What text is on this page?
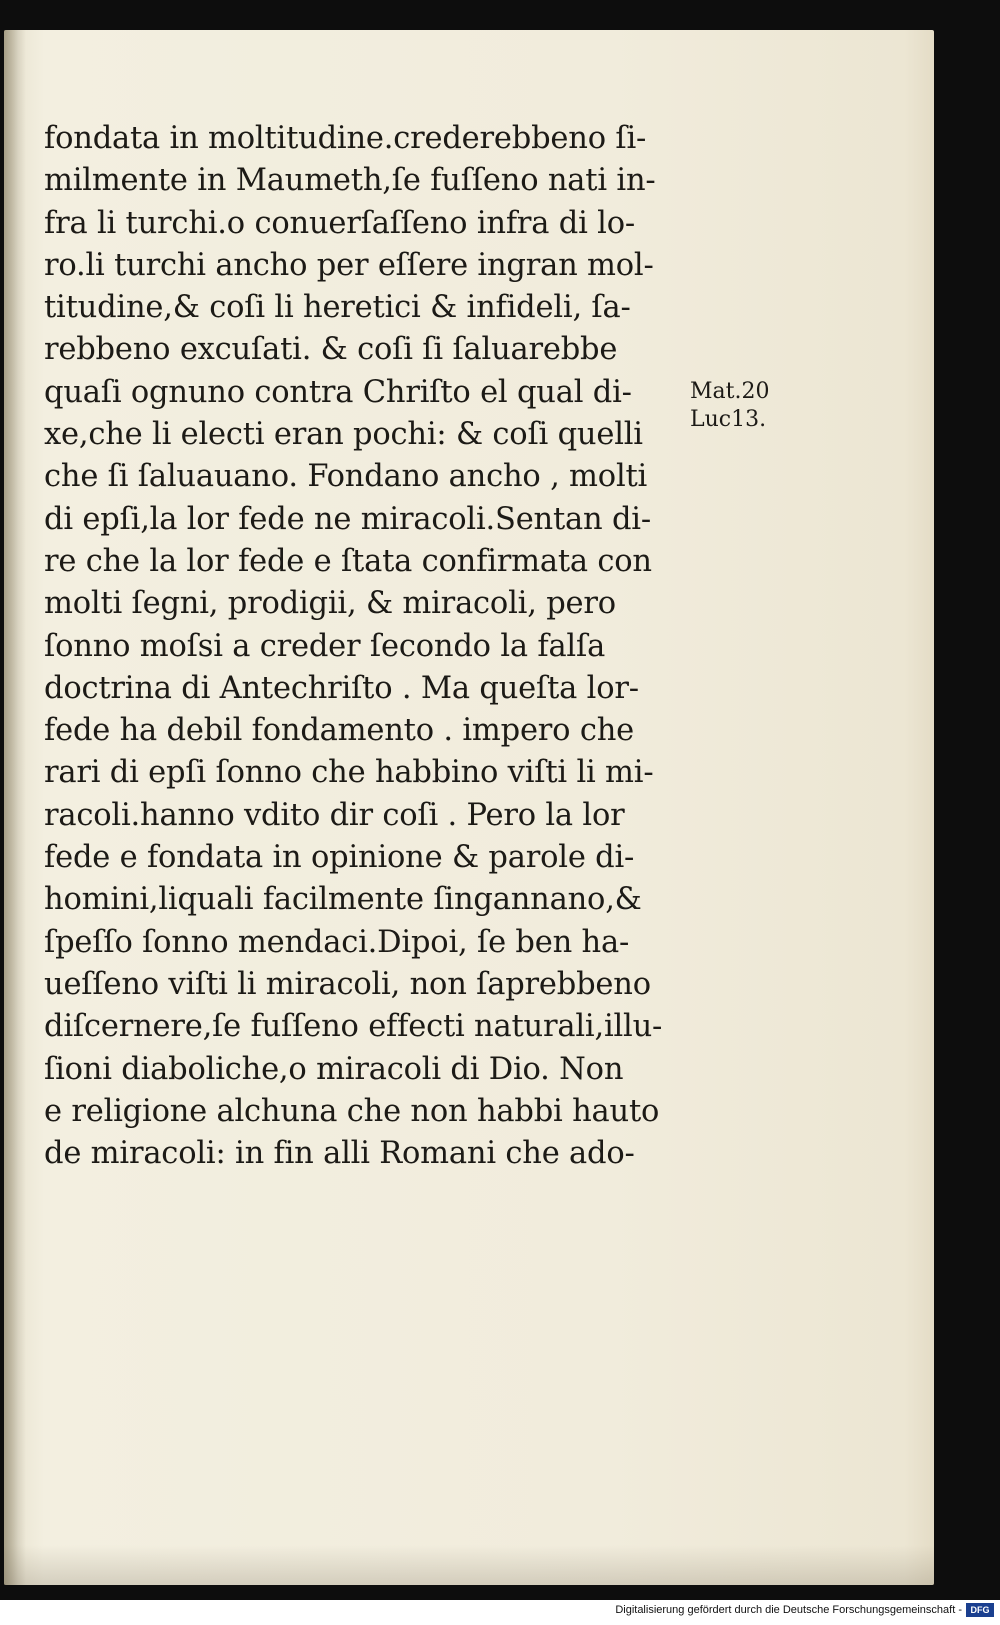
fondata in moltitudine.crederebbeno ſi-
milmente in Maumeth,ſe fuſſeno nati in-
fra li turchi.o conuerſaſſeno infra di lo-
ro.li turchi ancho per eſſere ingran mol-
titudine,& coſi li heretici & infideli, ſa-
rebbeno excuſati. & coſi ſi ſaluarebbe
quaſi ognuno contra Chriſto el qual di-
xe,che li electi eran pochi: & coſi quelli
che ſi ſaluauano. Fondano ancho , molti
di epſi,la lor fede ne miracoli.Sentan di-
re che la lor fede e ſtata confirmata con
molti ſegni, prodigii, & miracoli, pero
ſonno moſsi a creder ſecondo la falſa
doctrina di Antechriſto . Ma queſta lor-
fede ha debil fondamento . impero che
rari di epſi ſonno che habbino viſti li mi-
racoli.hanno vdito dir coſi . Pero la lor
fede e fondata in opinione & parole di-
homini,liquali facilmente ſingannano,&
ſpeſſo ſonno mendaci.Dipoi, ſe ben ha-
ueſſeno viſti li miracoli, non ſaprebbeno
diſcernere,ſe fuſſeno effecti naturali,illu-
ſioni diaboliche,o miracoli di Dio. Non
e religione alchuna che non habbi hauto
de miracoli: in fin alli Romani che ado-
Mat.20
Luc13.
Digitalisierung gefördert durch die Deutsche Forschungsgemeinschaft - DFG
